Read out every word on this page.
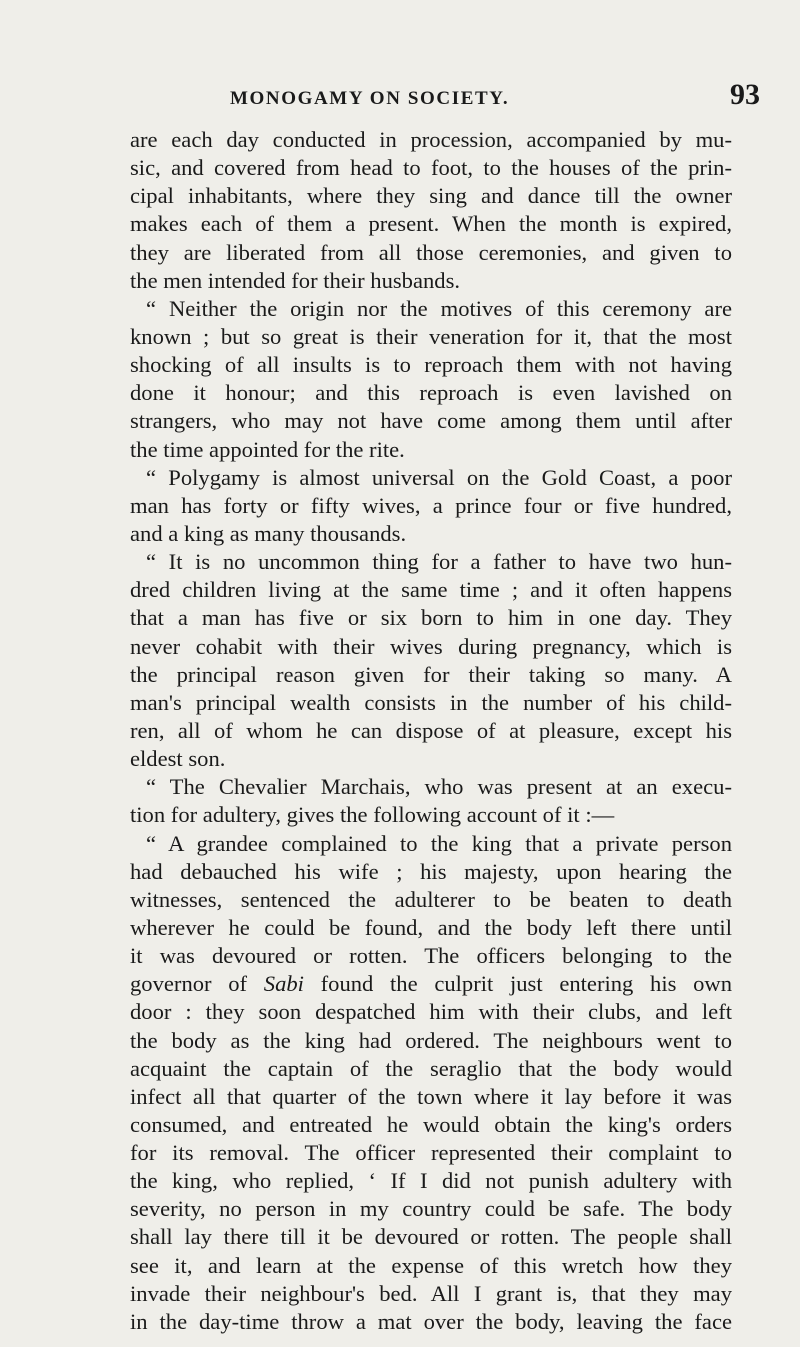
MONOGAMY ON SOCIETY.	93
are each day conducted in procession, accompanied by mu-
sic, and covered from head to foot, to the houses of the prin-
cipal inhabitants, where they sing and dance till the owner
makes each of them a present. When the month is expired,
they are liberated from all those ceremonies, and given to
the men intended for their husbands.
“ Neither the origin nor the motives of this ceremony are
known ; but so great is their veneration for it, that the most
shocking of all insults is to reproach them with not having
done it honour; and this reproach is even lavished on
strangers, who may not have come among them until after
the time appointed for the rite.
“ Polygamy is almost universal on the Gold Coast, a poor
man has forty or fifty wives, a prince four or five hundred,
and a king as many thousands.
“ It is no uncommon thing for a father to have two hun-
dred children living at the same time ; and it often happens
that a man has five or six born to him in one day. They
never cohabit with their wives during pregnancy, which is
the principal reason given for their taking so many. A
man's principal wealth consists in the number of his child-
ren, all of whom he can dispose of at pleasure, except his
eldest son.
“ The Chevalier Marchais, who was present at an execu-
tion for adultery, gives the following account of it :—
“ A grandee complained to the king that a private person
had debauched his wife ; his majesty, upon hearing the
witnesses, sentenced the adulterer to be beaten to death
wherever he could be found, and the body left there until
it was devoured or rotten. The officers belonging to the
governor of Sabi found the culprit just entering his own
door : they soon despatched him with their clubs, and left
the body as the king had ordered. The neighbours went to
acquaint the captain of the seraglio that the body would
infect all that quarter of the town where it lay before it was
consumed, and entreated he would obtain the king's orders
for its removal. The officer represented their complaint to
the king, who replied, ‘ If I did not punish adultery with
severity, no person in my country could be safe. The body
shall lay there till it be devoured or rotten. The people shall
see it, and learn at the expense of this wretch how they
invade their neighbour's bed. All I grant is, that they may
in the day-time throw a mat over the body, leaving the face
